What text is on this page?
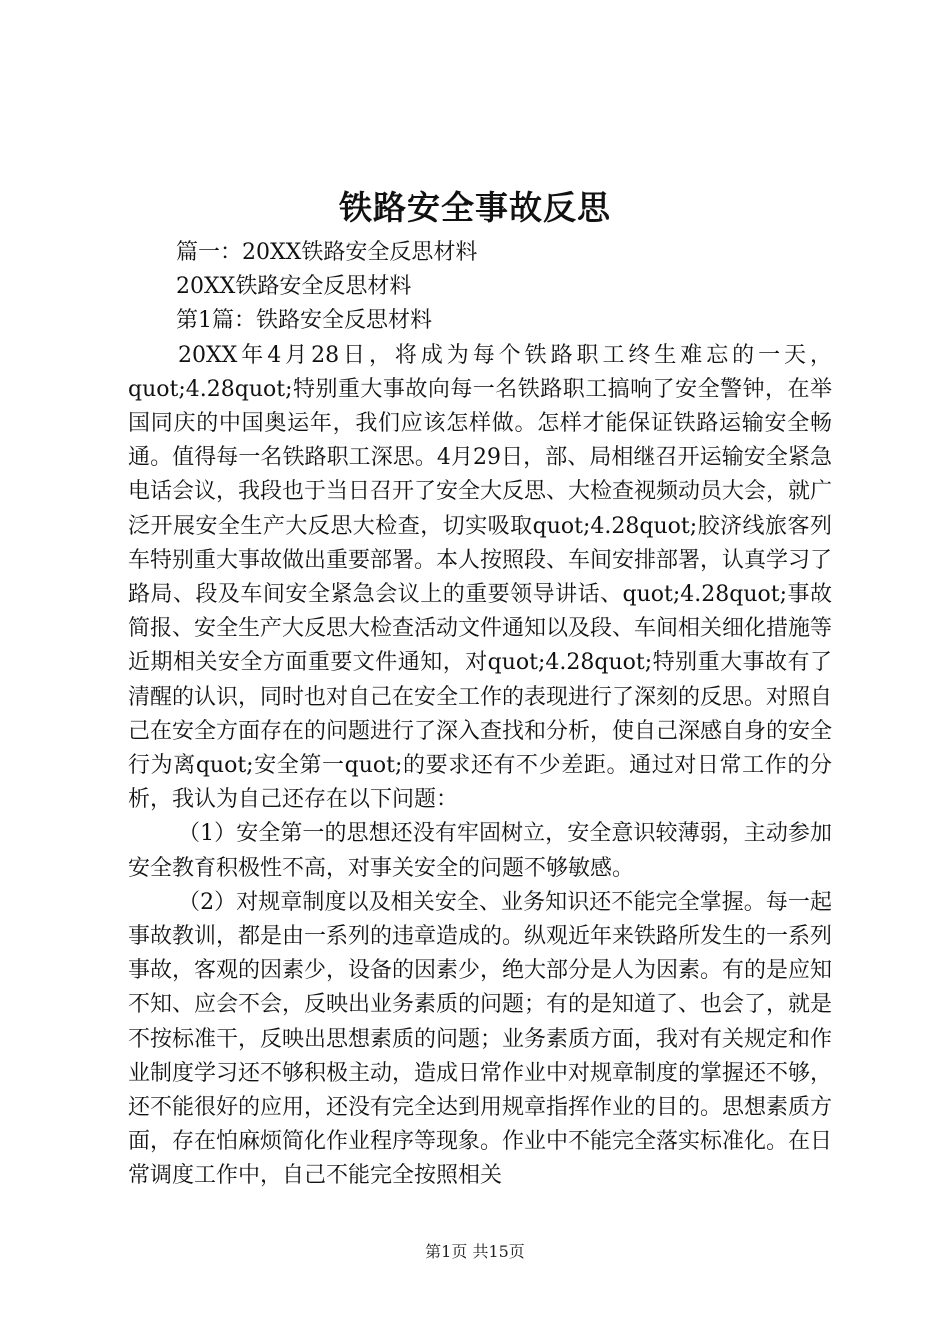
铁路安全事故反思

篇一：20XX铁路安全反思材料

20XX铁路安全反思材料

第1篇：铁路安全反思材料

20XX年4月28日，将成为每个铁路职工终生难忘的一天，quot;4.28quot;特别重大事故向每一名铁路职工搞响了安全警钟，在举国同庆的中国奥运年，我们应该怎样做。怎样才能保证铁路运输安全畅通。值得每一名铁路职工深思。4月29日，部、局相继召开运输安全紧急电话会议，我段也于当日召开了安全大反思、大检查视频动员大会，就广泛开展安全生产大反思大检查，切实吸取quot;4.28quot;胶济线旅客列车特别重大事故做出重要部署。本人按照段、车间安排部署，认真学习了路局、段及车间安全紧急会议上的重要领导讲话、quot;4.28quot;事故简报、安全生产大反思大检查活动文件通知以及段、车间相关细化措施等近期相关安全方面重要文件通知，对quot;4.28quot;特别重大事故有了清醒的认识，同时也对自己在安全工作的表现进行了深刻的反思。对照自己在安全方面存在的问题进行了深入查找和分析，使自己深感自身的安全行为离quot;安全第一quot;的要求还有不少差距。通过对日常工作的分析，我认为自己还存在以下问题：

（1）安全第一的思想还没有牢固树立，安全意识较薄弱，主动参加安全教育积极性不高，对事关安全的问题不够敏感。

（2）对规章制度以及相关安全、业务知识还不能完全掌握。每一起事故教训，都是由一系列的违章造成的。纵观近年来铁路所发生的一系列事故，客观的因素少，设备的因素少，绝大部分是人为因素。有的是应知不知、应会不会，反映出业务素质的问题；有的是知道了、也会了，就是不按标准干，反映出思想素质的问题；业务素质方面，我对有关规定和作业制度学习还不够积极主动，造成日常作业中对规章制度的掌握还不够，还不能很好的应用，还没有完全达到用规章指挥作业的目的。思想素质方面，存在怕麻烦简化作业程序等现象。作业中不能完全落实标准化。在日常调度工作中，自己不能完全按照相关

第1页 共15页
